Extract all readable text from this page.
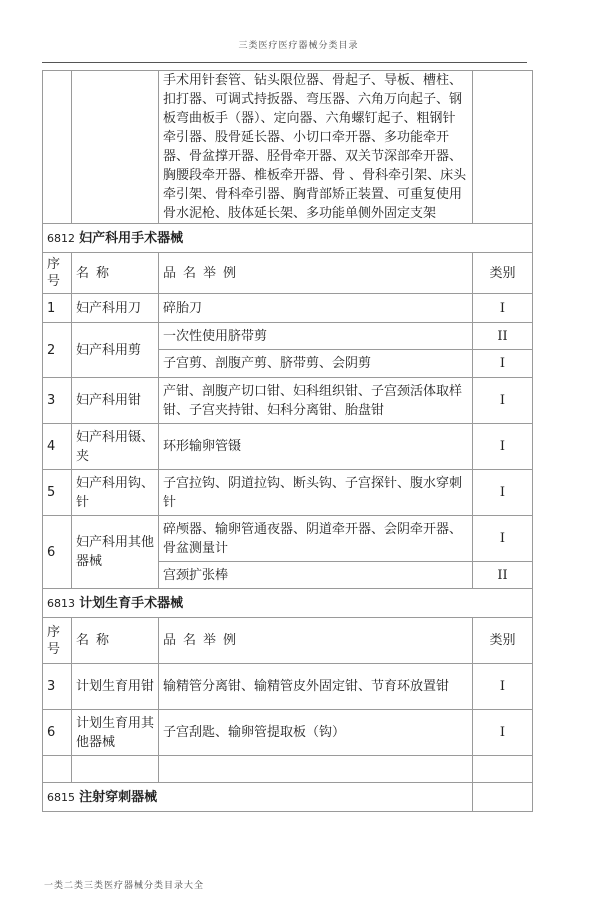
三类医疗医疗器械分类目录
		手术用针套管、钻头限位器、骨起子、导板、槽柱、扣打器、可调式持扳器、弯压器、六角万向起子、钢板弯曲板手（器）、定向器、六角螺钉起子、粗钢针牵引器、股骨延长器、小切口牵开器、多功能牵开器、骨盆撑开器、胫骨牵开器、双关节深部牵开器、胸腰段牵开器、椎板牵开器、骨 、骨科牵引架、床头牵引架、骨科牵引器、胸背部矫正装置、可重复使用骨水泥枪、肢体延长架、多功能单侧外固定支架	
6812 妇产科用手术器械			
序号	名称	品名举例	类别
1	妇产科用刀	碎胎刀	I
2	妇产科用剪	一次性使用脐带剪	II
		子宫剪、剖腹产剪、脐带剪、会阴剪	I
3	妇产科用钳	产钳、剖腹产切口钳、妇科组织钳、子宫颈活体取样钳、子宫夹持钳、妇科分离钳、胎盘钳	I
4	妇产科用镊、夹	环形输卵管镊	I
5	妇产科用钩、针	子宫拉钩、阴道拉钩、断头钩、子宫探针、腹水穿刺针	I
6	妇产科用其他器械	碎颅器、输卵管通夜器、阴道牵开器、会阴牵开器、骨盆测量计	I
		宫颈扩张棒	II
6813 计划生育手术器械			
序号	名称	品名举例	类别
3	计划生育用钳	输精管分离钳、输精管皮外固定钳、节育环放置钳	I
6	计划生育用其他器械	子宫刮匙、输卵管提取板（钩）	I

6815 注射穿刺器械			
一类二类三类医疗器械分类目录大全
